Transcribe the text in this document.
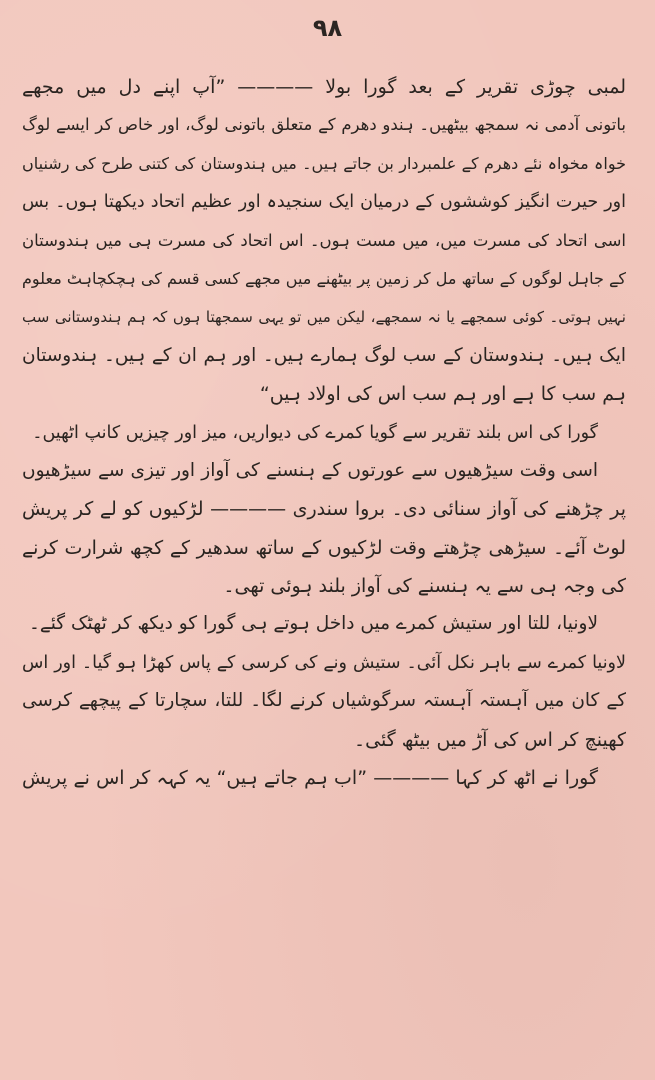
۹۸
لمبی چوڑی تقریر کے بعد گورا بولا ———— ”آپ اپنے دل میں مجھے
باتونی آدمی نہ سمجھ بیٹھیں۔ ہندو دھرم کے متعلق باتونی لوگ، اور خاص کر ایسے لوگ
خواہ مخواہ نئے دھرم کے علمبردار بن جاتے ہیں۔ میں ہندوستان کی کتنی طرح کی رشنیاں
اور حیرت انگیز کوششوں کے درمیان ایک سنجیدہ اور عظیم اتحاد دیکھتا ہوں۔ بس
اسی اتحاد کی مسرت میں، میں مست ہوں۔ اس اتحاد کی مسرت ہی میں ہندوستان
کے جاہل لوگوں کے ساتھ مل کر زمین پر بیٹھنے میں مجھے کسی قسم کی ہچکچاہٹ معلوم
نہیں ہوتی۔ کوئی سمجھے یا نہ سمجھے، لیکن میں تو یہی سمجھتا ہوں کہ ہم ہندوستانی سب
ایک ہیں۔ ہندوستان کے سب لوگ ہمارے ہیں۔ اور ہم ان کے ہیں۔ ہندوستان
ہم سب کا ہے اور ہم سب اس کی اولاد ہیں“
گورا کی اس بلند تقریر سے گویا کمرے کی دیواریں، میز اور چیزیں کانپ اٹھیں۔
اسی وقت سیڑھیوں سے عورتوں کے ہنسنے کی آواز اور تیزی سے سیڑھیوں
پر چڑھنے کی آواز سنائی دی۔ بروا سندری ———— لڑکیوں کو لے کر پریش
لوٹ آئے۔ سیڑھی چڑھتے وقت لڑکیوں کے ساتھ سدھیر کے کچھ شرارت کرنے
کی وجہ ہی سے یہ ہنسنے کی آواز بلند ہوئی تھی۔
لاونیا، للتا اور ستیش کمرے میں داخل ہوتے ہی گورا کو دیکھ کر ٹھٹک گئے۔
لاونیا کمرے سے باہر نکل آئی۔ ستیش ونے کی کرسی کے پاس کھڑا ہو گیا۔ اور اس
کے کان میں آہستہ آہستہ سرگوشیاں کرنے لگا۔ للتا، سچارتا کے پیچھے کرسی
کھینچ کر اس کی آڑ میں بیٹھ گئی۔
گورا نے اٹھ کر کہا ———— ”اب ہم جاتے ہیں“ یہ کہہ کر اس نے پریش
